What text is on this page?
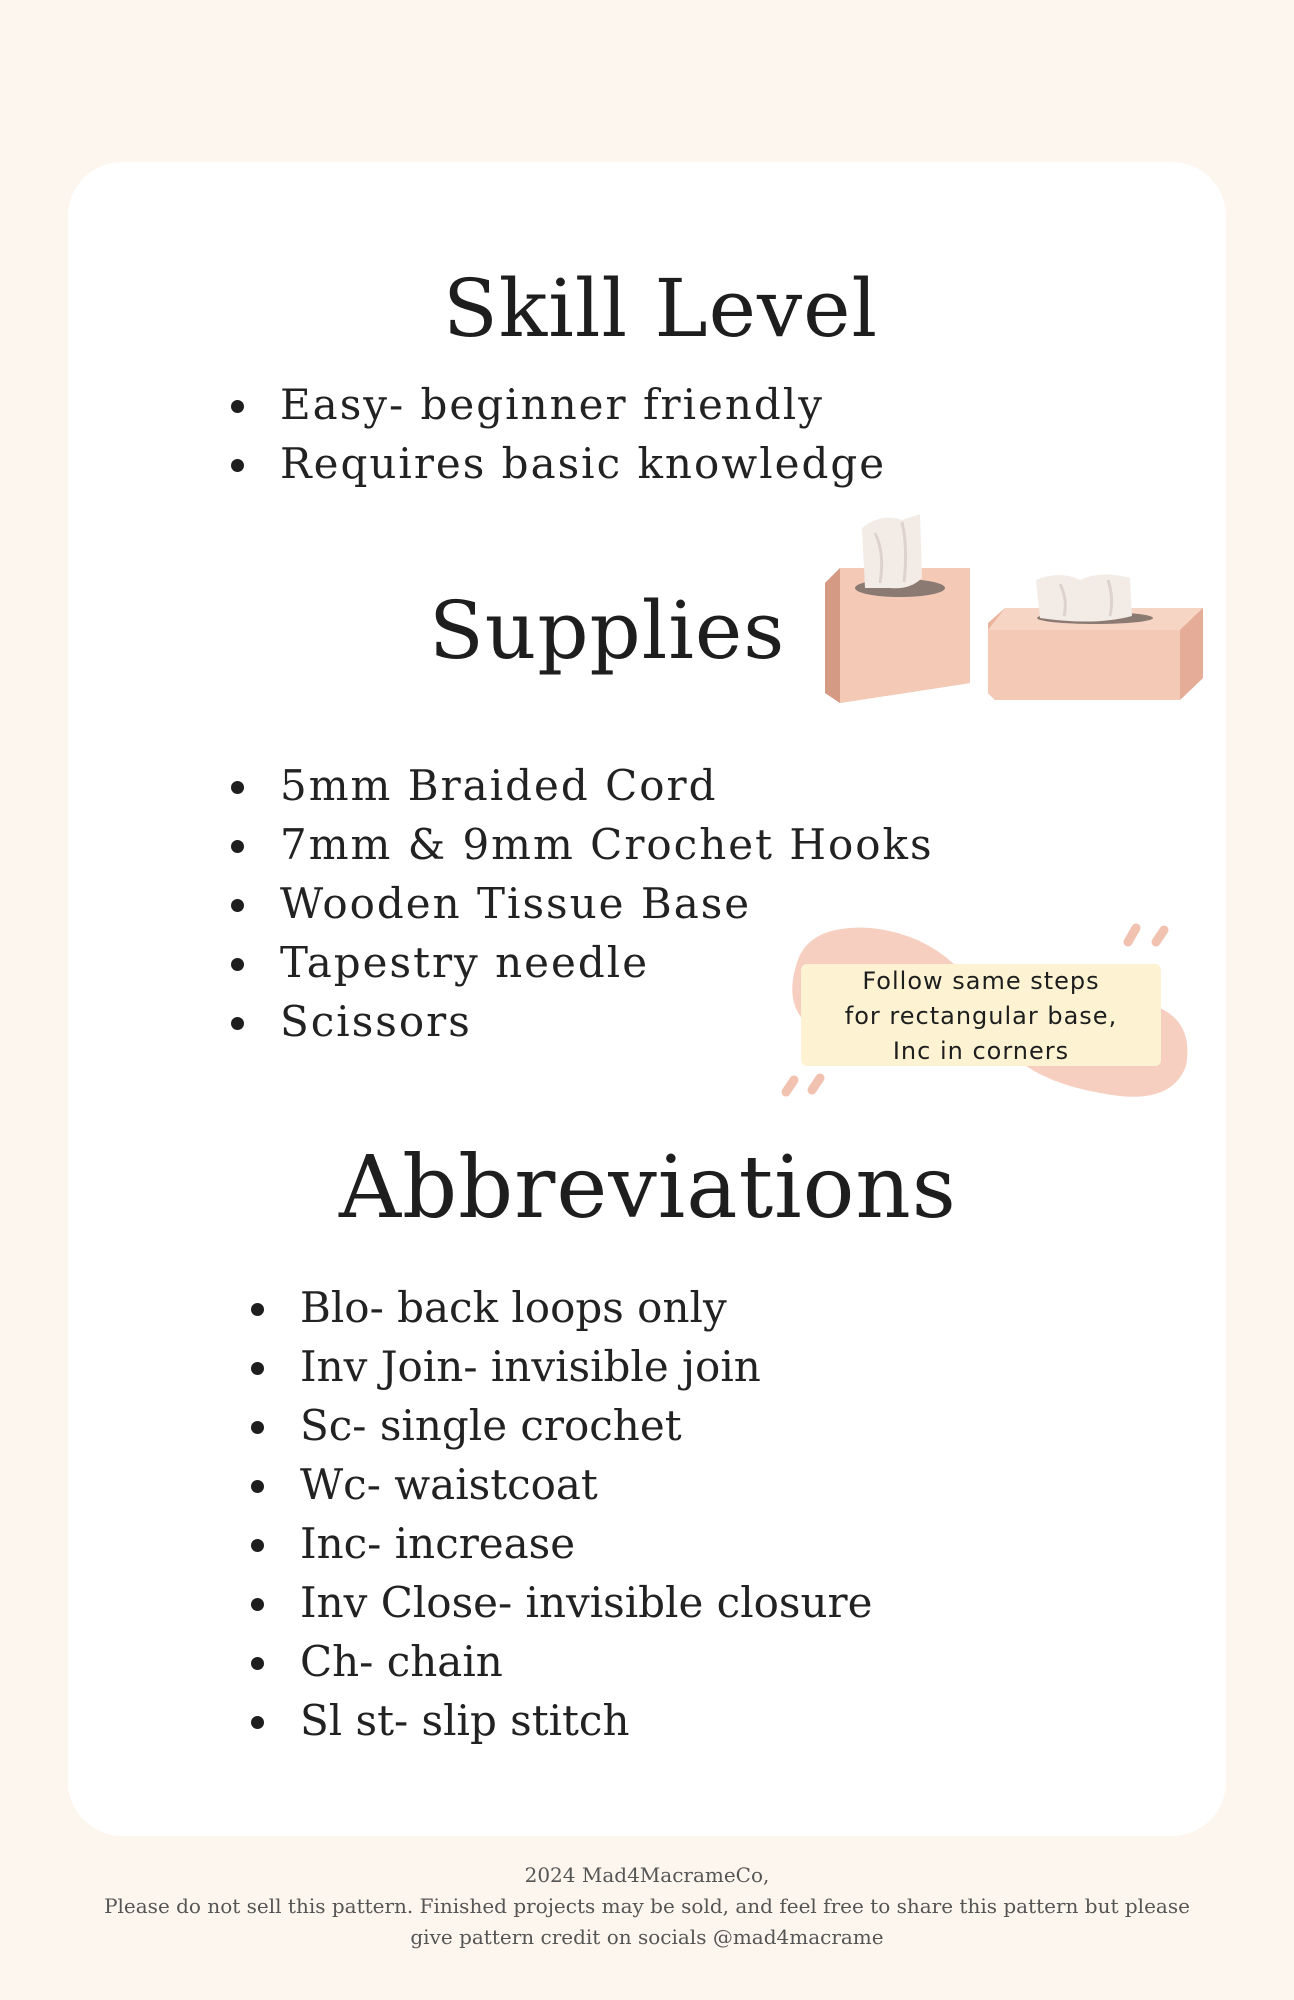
Skill Level
Easy- beginner friendly
Requires basic knowledge
Supplies
5mm Braided Cord
7mm & 9mm Crochet Hooks
Wooden Tissue Base
Tapestry needle
Scissors
Follow same steps
for rectangular base,
Inc in corners
Abbreviations
Blo- back loops only
Inv Join- invisible join
Sc- single crochet
Wc- waistcoat
Inc- increase
Inv Close- invisible closure
Ch- chain
Sl st- slip stitch
2024 Mad4MacrameCo,
Please do not sell this pattern. Finished projects may be sold, and feel free to share this pattern but please
give pattern credit on socials @mad4macrame
